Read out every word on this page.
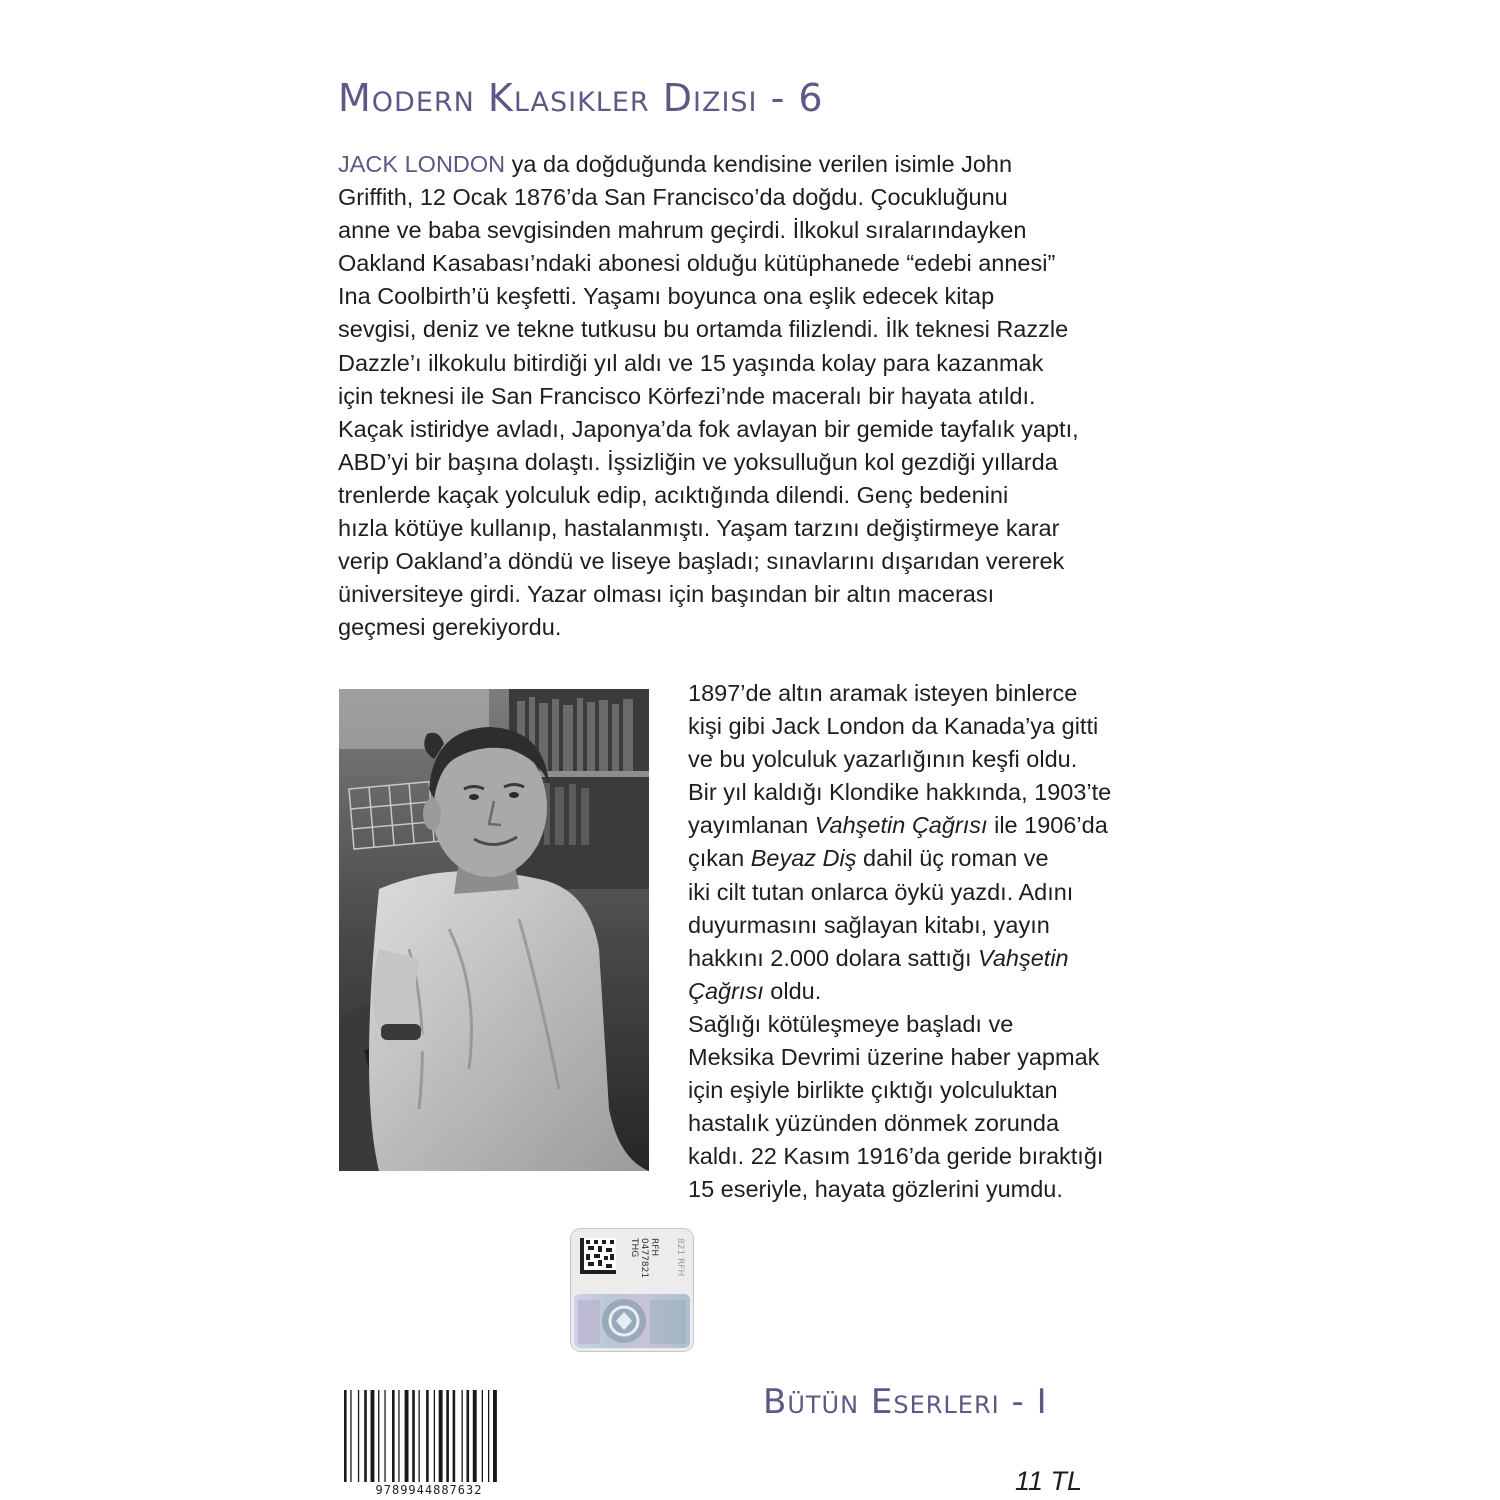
Modern Klasikler Dizisi - 6
JACK LONDON ya da doğduğunda kendisine verilen isimle John
Griffith, 12 Ocak 1876’da San Francisco’da doğdu. Çocukluğunu
anne ve baba sevgisinden mahrum geçirdi. İlkokul sıralarındayken
Oakland Kasabası’ndaki abonesi olduğu kütüphanede “edebi annesi”
Ina Coolbirth’ü keşfetti. Yaşamı boyunca ona eşlik edecek kitap
sevgisi, deniz ve tekne tutkusu bu ortamda filizlendi. İlk teknesi Razzle
Dazzle’ı ilkokulu bitirdiği yıl aldı ve 15 yaşında kolay para kazanmak
için teknesi ile San Francisco Körfezi’nde maceralı bir hayata atıldı.
Kaçak istiridye avladı, Japonya’da fok avlayan bir gemide tayfalık yaptı,
ABD’yi bir başına dolaştı. İşsizliğin ve yoksulluğun kol gezdiği yıllarda
trenlerde kaçak yolculuk edip, acıktığında dilendi. Genç bedenini
hızla kötüye kullanıp, hastalanmıştı. Yaşam tarzını değiştirmeye karar
verip Oakland’a döndü ve liseye başladı; sınavlarını dışarıdan vererek
üniversiteye girdi. Yazar olması için başından bir altın macerası
geçmesi gerekiyordu.
1897’de altın aramak isteyen binlerce
kişi gibi Jack London da Kanada’ya gitti
ve bu yolculuk yazarlığının keşfi oldu.
Bir yıl kaldığı Klondike hakkında, 1903’te
yayımlanan Vahşetin Çağrısı ile 1906’da
çıkan Beyaz Diş dahil üç roman ve
iki cilt tutan onlarca öykü yazdı. Adını
duyurmasını sağlayan kitabı, yayın
hakkını 2.000 dolara sattığı Vahşetin
Çağrısı oldu.
Sağlığı kötüleşmeye başladı ve
Meksika Devrimi üzerine haber yapmak
için eşiyle birlikte çıktığı yolculuktan
hastalık yüzünden dönmek zorunda
kaldı. 22 Kasım 1916’da geride bıraktığı
15 eseriyle, hayata gözlerini yumdu.
THG 0477821 RFH 821 RFH
Bütün Eserleri - I
9789944887632	11 TL
